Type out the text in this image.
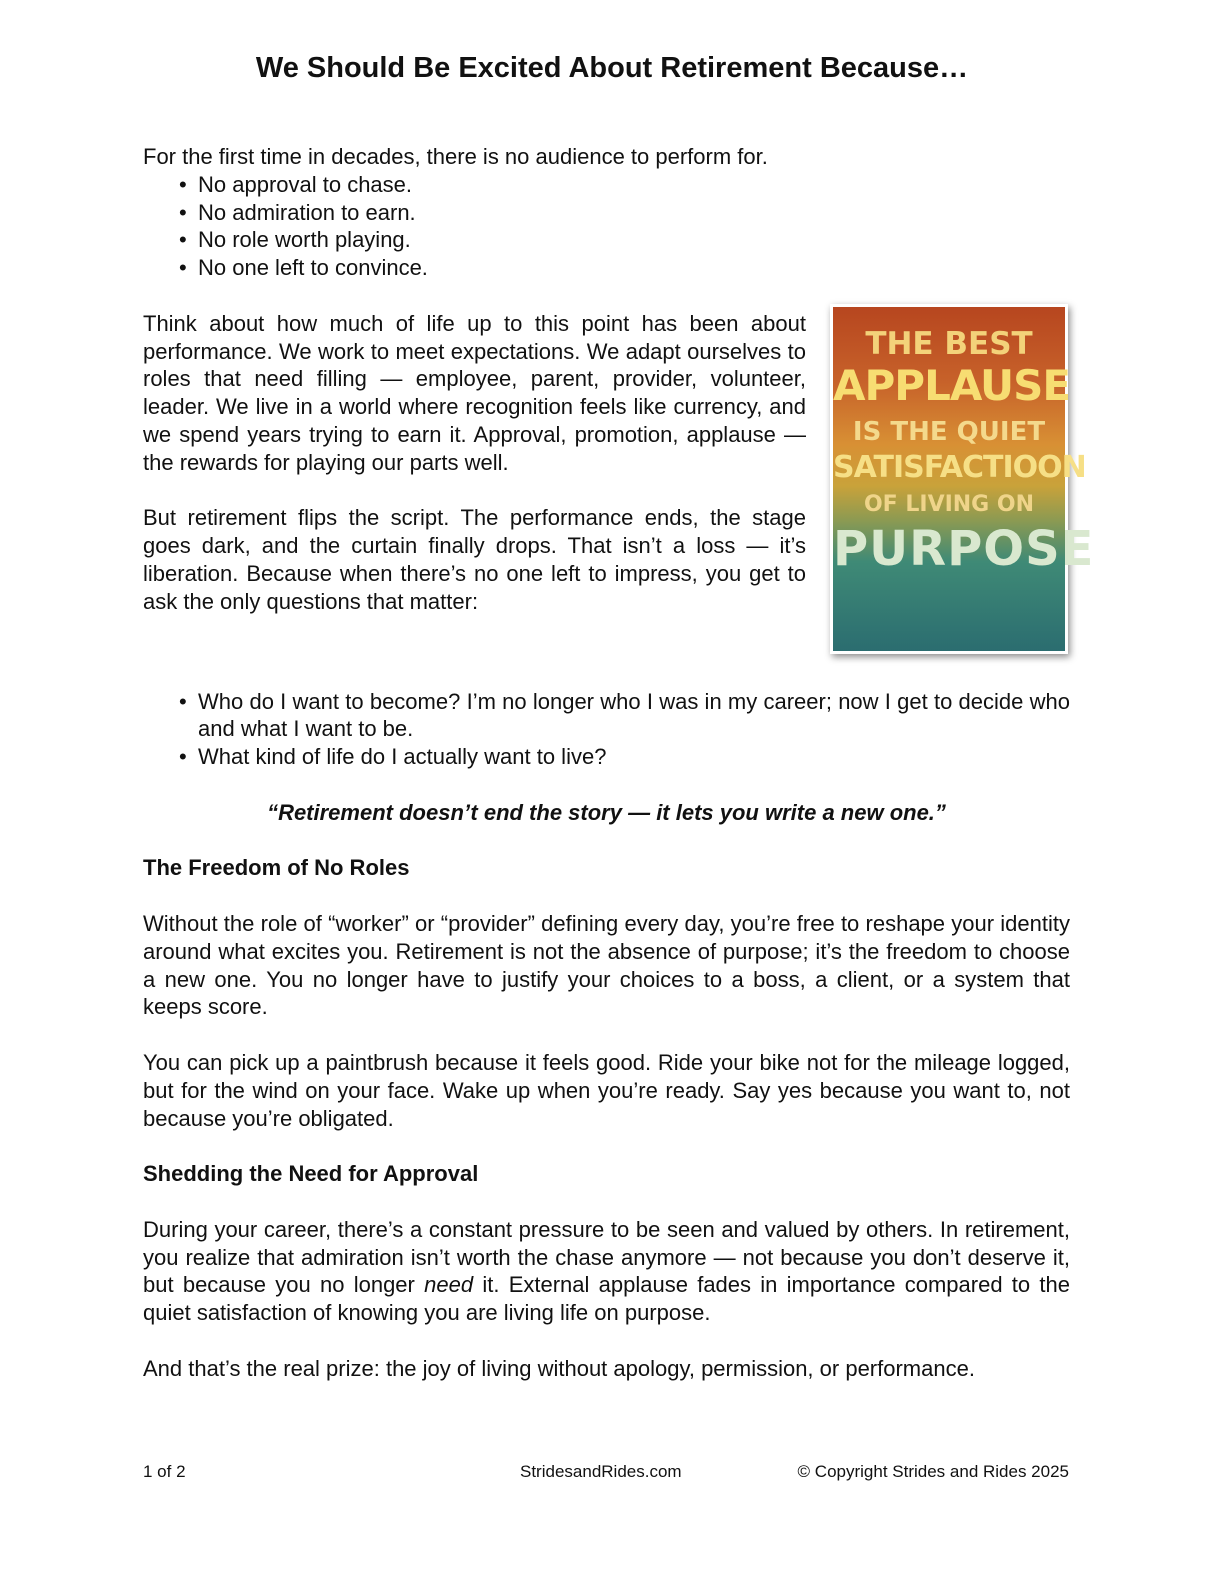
We Should Be Excited About Retirement Because…

For the first time in decades, there is no audience to perform for.

• No approval to chase.
• No admiration to earn.
• No role worth playing.
• No one left to convince.
THE BEST
APPLAUSE
IS THE QUIET
SATISFACTIOON
OF LIVING ON
PURPOSE

Think about how much of life up to this point has been about performance. We work to meet expectations. We adapt ourselves to roles that need filling — employee, parent, provider, volunteer, leader. We live in a world where recognition feels like currency, and we spend years trying to earn it. Approval, promotion, applause — the rewards for playing our parts well.

But retirement flips the script. The performance ends, the stage goes dark, and the curtain finally drops. That isn’t a loss — it’s liberation. Because when there’s no one left to impress, you get to ask the only questions that matter:

• Who do I want to become? I’m no longer who I was in my career; now I get to decide who and what I want to be.
• What kind of life do I actually want to live?

“Retirement doesn’t end the story — it lets you write a new one.”

The Freedom of No Roles

Without the role of “worker” or “provider” defining every day, you’re free to reshape your identity around what excites you. Retirement is not the absence of purpose; it’s the freedom to choose a new one. You no longer have to justify your choices to a boss, a client, or a system that keeps score.

You can pick up a paintbrush because it feels good. Ride your bike not for the mileage logged, but for the wind on your face. Wake up when you’re ready. Say yes because you want to, not because you’re obligated.

Shedding the Need for Approval

During your career, there’s a constant pressure to be seen and valued by others. In retirement, you realize that admiration isn’t worth the chase anymore — not because you don’t deserve it, but because you no longer need it. External applause fades in importance compared to the quiet satisfaction of knowing you are living life on purpose.

And that’s the real prize: the joy of living without apology, permission, or performance.

1 of 2	StridesandRides.com	© Copyright Strides and Rides 2025
